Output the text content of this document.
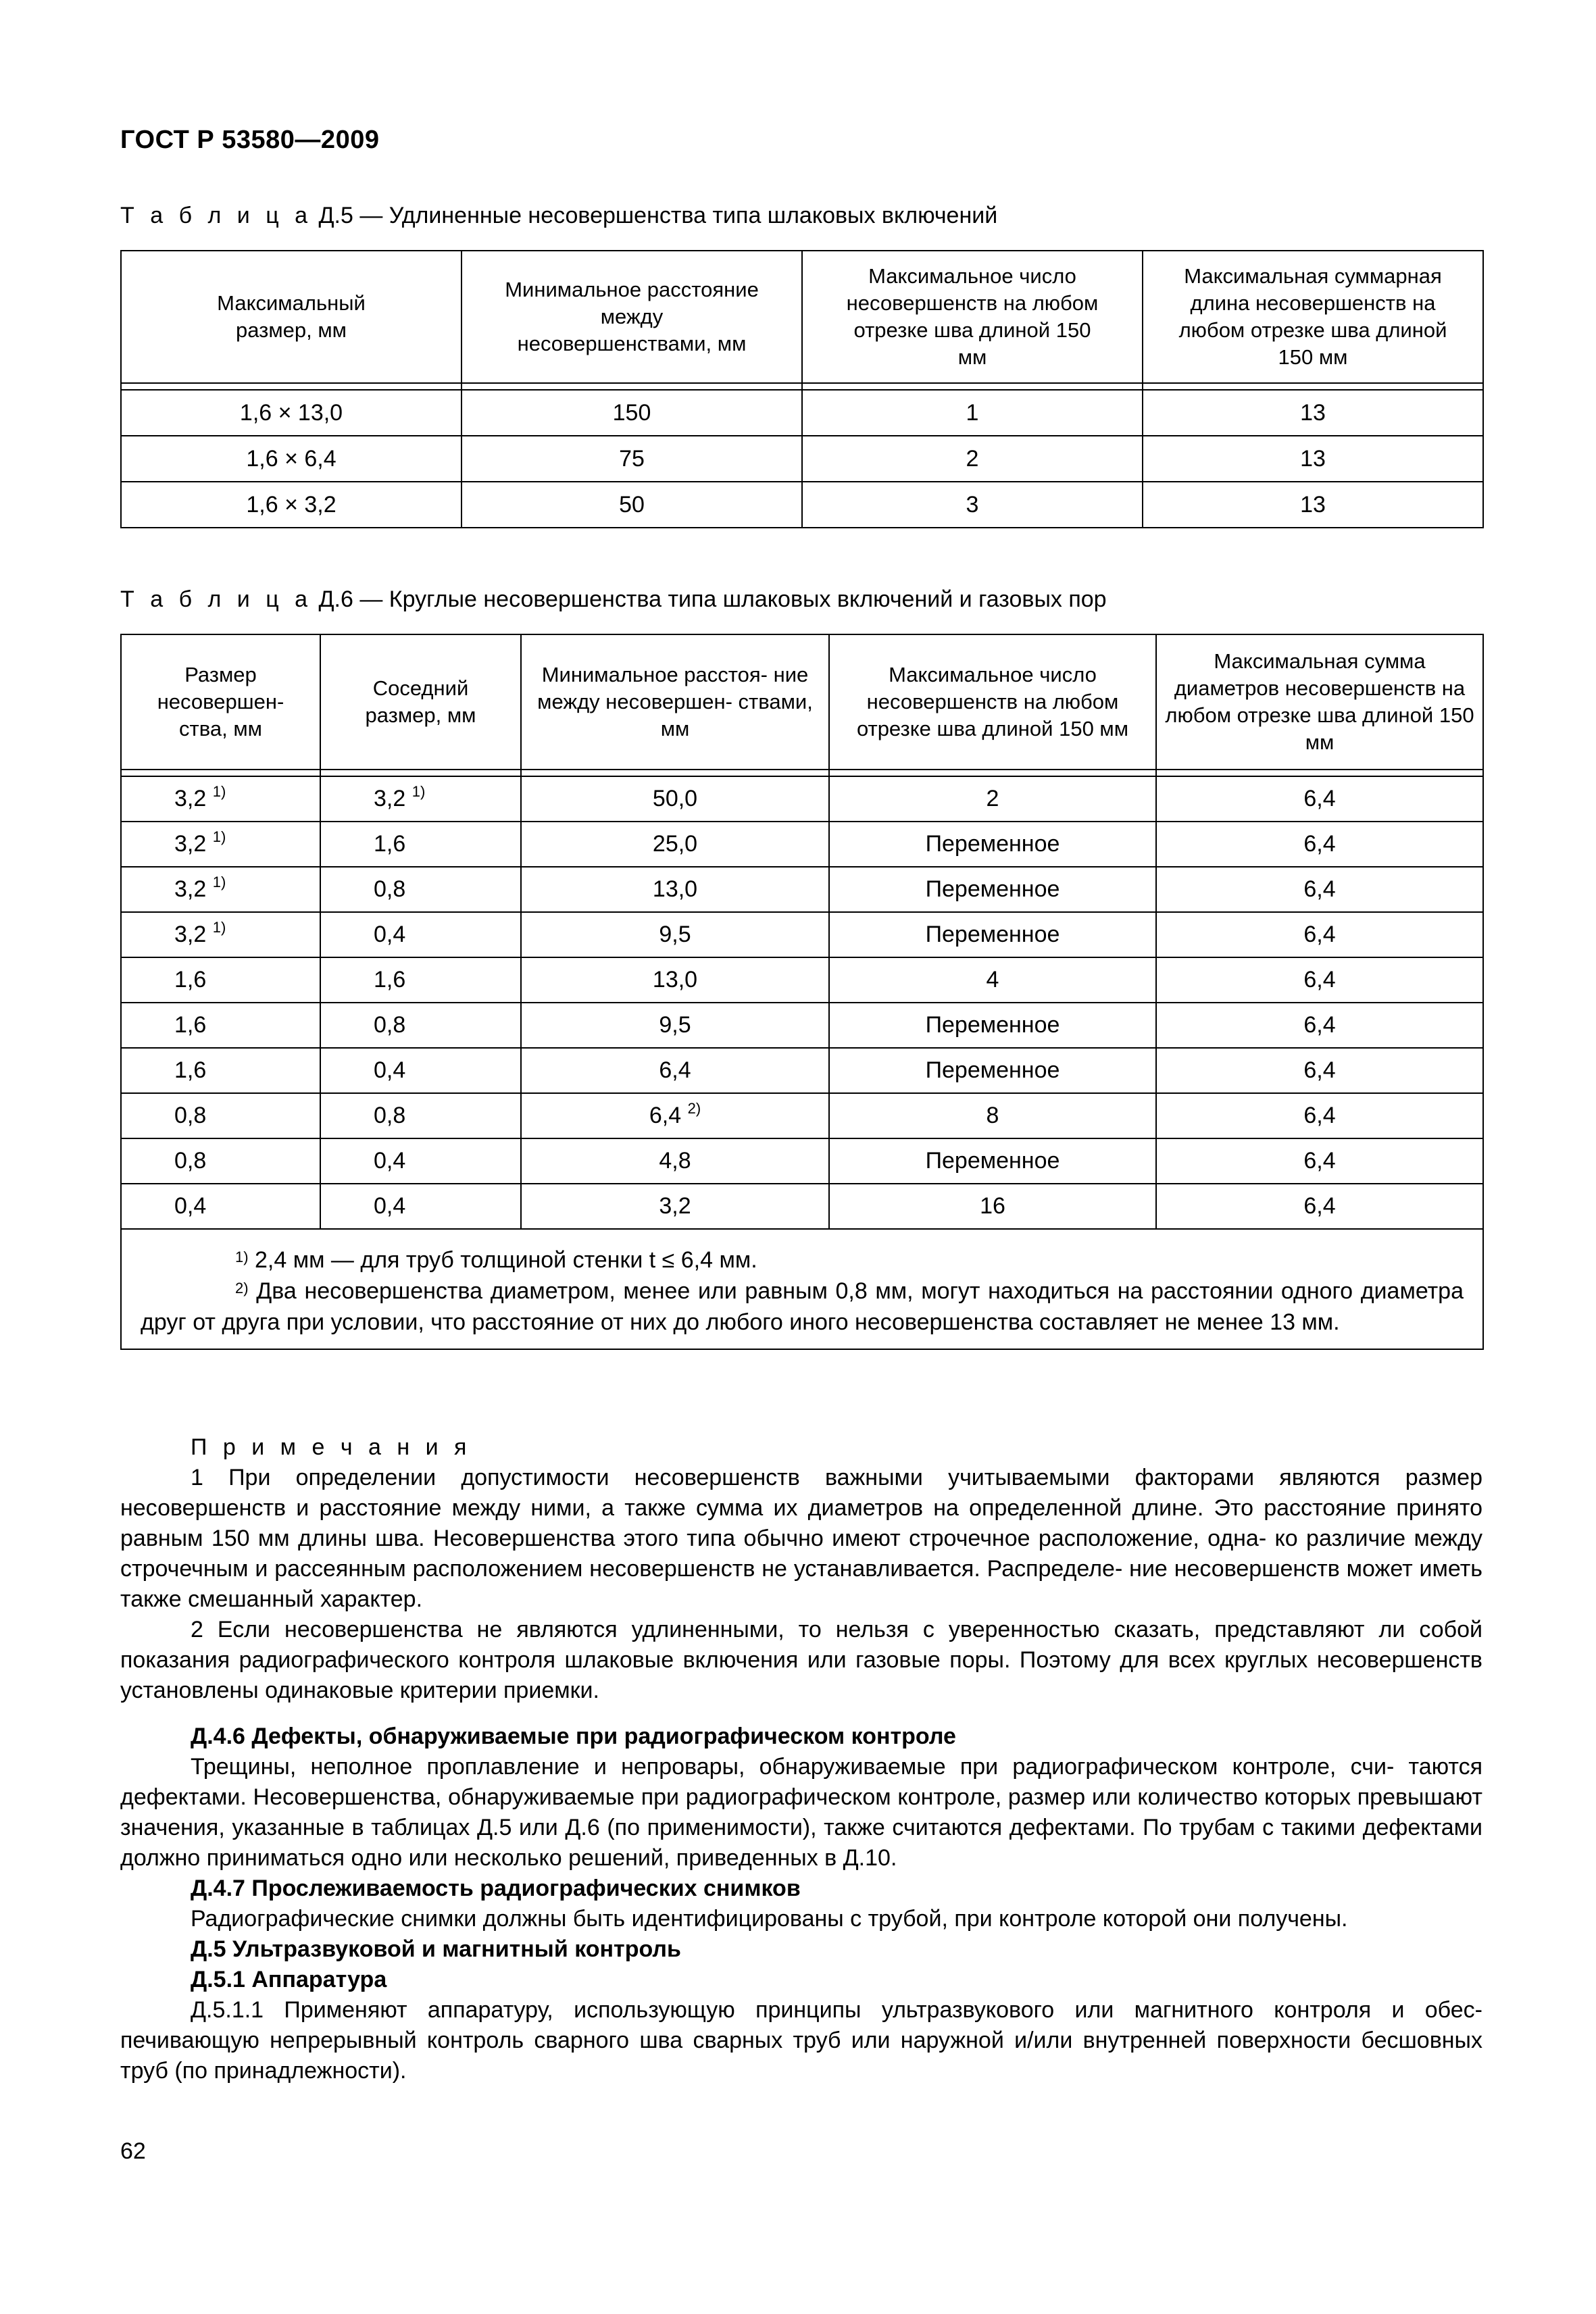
ГОСТ Р 53580—2009
Т а б л и ц а Д.5 — Удлиненные несовершенства типа шлаковых включений
Максимальный размер, мм	Минимальное расстояние между несовершенствами, мм	Максимальное число несовершенств на любом отрезке шва длиной 150 мм	Максимальная суммарная длина несовершенств на любом отрезке шва длиной 150 мм

1,6 × 13,0	150	1	13
1,6 × 6,4	75	2	13
1,6 × 3,2	50	3	13
Т а б л и ц а Д.6 — Круглые несовершенства типа шлаковых включений и газовых пор
Размер несовершен- ства, мм	Соседний размер, мм	Минимальное расстоя- ние между несовершен- ствами, мм	Максимальное число несовершенств на любом отрезке шва длиной 150 мм	Максимальная сумма диаметров несовершенств на любом отрезке шва длиной 150 мм

3,2 $^{1)}$	3,2 $^{1)}$	50,0	2	6,4
3,2 $^{1)}$	1,6	25,0	Переменное	6,4
3,2 $^{1)}$	0,8	13,0	Переменное	6,4
3,2 $^{1)}$	0,4	9,5	Переменное	6,4
1,6	1,6	13,0	4	6,4
1,6	0,8	9,5	Переменное	6,4
1,6	0,4	6,4	Переменное	6,4
0,8	0,8	6,4 $^{2)}$	8	6,4
0,8	0,4	4,8	Переменное	6,4
0,4	0,4	3,2	16	6,4

$^{1)}$ 2,4 мм — для труб толщиной стенки t ≤ 6,4 мм.

$^{2)}$ Два несовершенства диаметром, менее или равным 0,8 мм, могут находиться на расстоянии одного диаметра друг от друга при условии, что расстояние от них до любого иного несовершенства составляет не менее 13 мм.				

П р и м е ч а н и я

1 При определении допустимости несовершенств важными учитываемыми факторами являются размер несовершенств и расстояние между ними, а также сумма их диаметров на определенной длине. Это расстояние принято равным 150 мм длины шва. Несовершенства этого типа обычно имеют строчечное расположение, одна- ко различие между строчечным и рассеянным расположением несовершенств не устанавливается. Распределе- ние несовершенств может иметь также смешанный характер.

2 Если несовершенства не являются удлиненными, то нельзя с уверенностью сказать, представляют ли собой показания радиографического контроля шлаковые включения или газовые поры. Поэтому для всех круглых несовершенств установлены одинаковые критерии приемки.

Д.4.6 Дефекты, обнаруживаемые при радиографическом контроле

Трещины, неполное проплавление и непровары, обнаруживаемые при радиографическом контроле, счи- таются дефектами. Несовершенства, обнаруживаемые при радиографическом контроле, размер или количество которых превышают значения, указанные в таблицах Д.5 или Д.6 (по применимости), также считаются дефектами. По трубам с такими дефектами должно приниматься одно или несколько решений, приведенных в Д.10.

Д.4.7 Прослеживаемость радиографических снимков

Радиографические снимки должны быть идентифицированы с трубой, при контроле которой они получены.

Д.5 Ультразвуковой и магнитный контроль

Д.5.1 Аппаратура

Д.5.1.1 Применяют аппаратуру, использующую принципы ультразвукового или магнитного контроля и обес- печивающую непрерывный контроль сварного шва сварных труб или наружной и/или внутренней поверхности бесшовных труб (по принадлежности).

62
